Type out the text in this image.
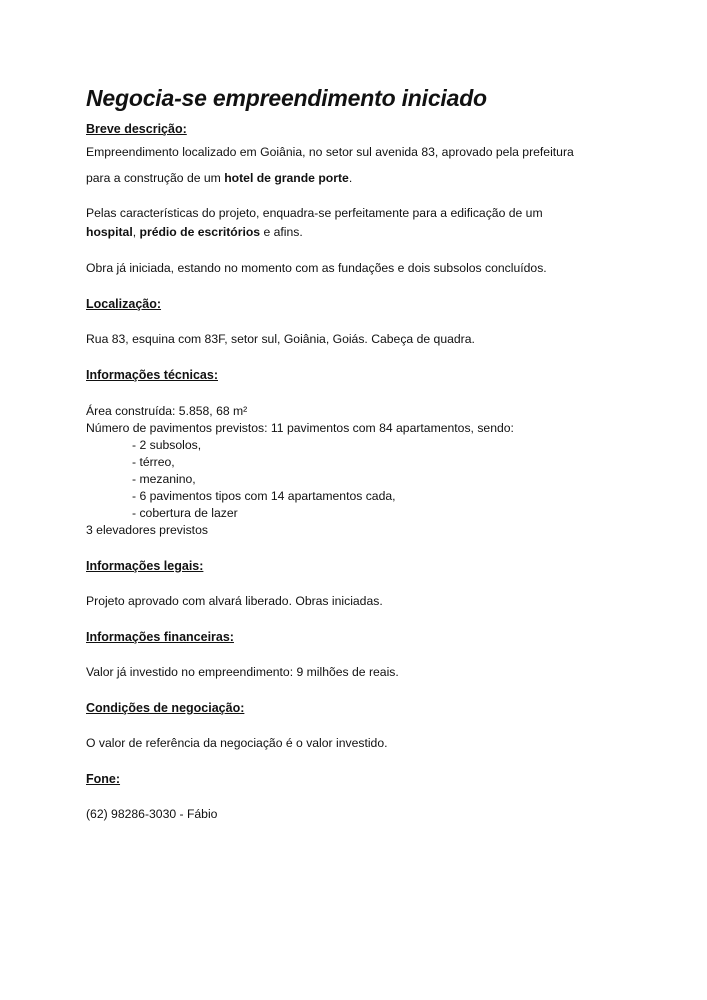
Negocia-se empreendimento iniciado

Breve descrição:

Empreendimento localizado em Goiânia, no setor sul avenida 83, aprovado pela prefeitura

para a construção de um hotel de grande porte.

Pelas características do projeto, enquadra-se perfeitamente para a edificação de um

hospital, prédio de escritórios e afins.

Obra já iniciada, estando no momento com as fundações e dois subsolos concluídos.

Localização:

Rua 83, esquina com 83F, setor sul, Goiânia, Goiás. Cabeça de quadra.

Informações técnicas:

Área construída: 5.858, 68 m²

Número de pavimentos previstos: 11 pavimentos com 84 apartamentos, sendo:

- 2 subsolos,

- térreo,

- mezanino,

- 6 pavimentos tipos com 14 apartamentos cada,

- cobertura de lazer

3 elevadores previstos

Informações legais:

Projeto aprovado com alvará liberado. Obras iniciadas.

Informações financeiras:

Valor já investido no empreendimento: 9 milhões de reais.

Condições de negociação:

O valor de referência da negociação é o valor investido.

Fone:

(62) 98286-3030 - Fábio
